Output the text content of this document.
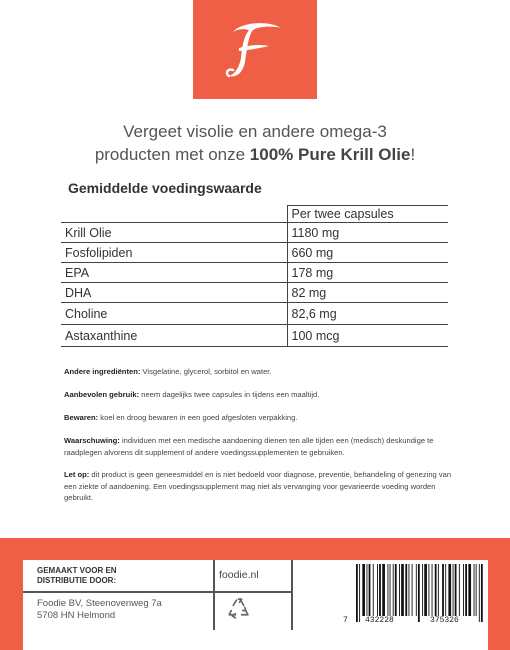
Vergeet visolie en andere omega-3
producten met onze 100% Pure Krill Olie!
Gemiddelde voedingswaarde
	Per twee capsules
Krill Olie	1180 mg
Fosfolipiden	660 mg
EPA	178 mg
DHA	82 mg
Choline	82,6 mg
Astaxanthine	100 mcg
Andere ingrediënten: Visgelatine, glycerol, sorbitol en water.
Aanbevolen gebruik: neem dagelijks twee capsules in tijdens een maaltijd.
Bewaren: koel en droog bewaren in een goed afgesloten verpakking.
Waarschuwing: individuen met een medische aandoening dienen ten alle tijden een (medisch) deskundige te raadplegen alvorens dit supplement of andere voedingssupplementen te gebruiken.
Let op: dit product is geen geneesmiddel en is niet bedoeld voor diagnose, preventie, behandeling of genezing van een ziekte of aandoening. Een voedingssupplement mag niet als vervanging voor gevarieerde voeding worden gebruikt.
GEMAAKT VOOR EN
DISTRIBUTIE DOOR:	foodie.nl
Foodie BV, Steenovenweg 7a
5708 HN Helmond	7 432228	375326
